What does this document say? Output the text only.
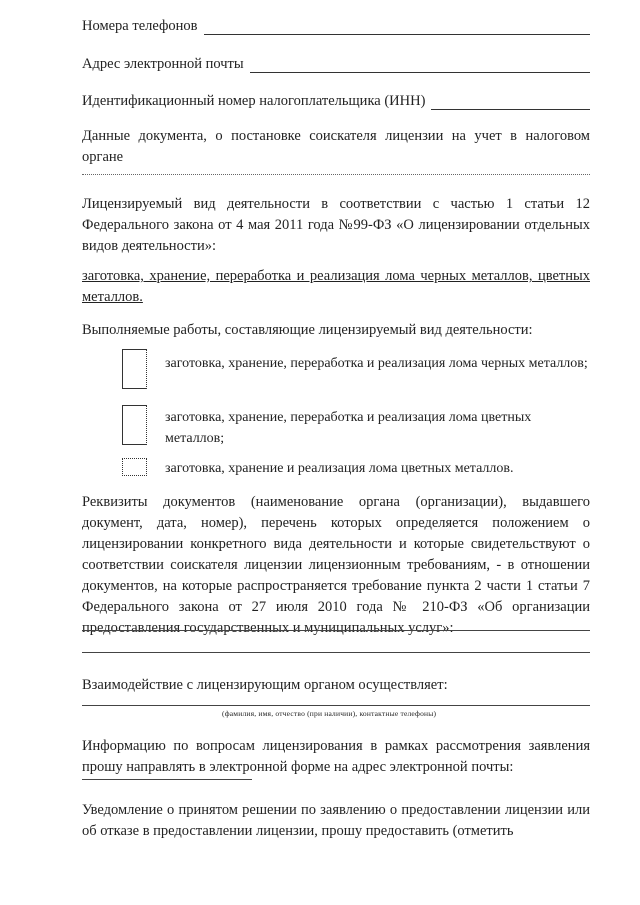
Номера телефонов
Адрес электронной почты
Идентификационный номер налогоплательщика (ИНН)
Данные документа, о постановке соискателя лицензии на учет в налоговом органе
Лицензируемый вид деятельности в соответствии с частью 1 статьи 12 Федерального закона от 4 мая 2011 года №99-ФЗ «О лицензировании отдельных видов деятельности»:
заготовка, хранение, переработка и реализация лома черных металлов, цветных металлов.
Выполняемые работы, составляющие лицензируемый вид деятельности:
заготовка, хранение, переработка и реализация лома черных металлов;
заготовка, хранение, переработка и реализация лома цветных металлов;
заготовка, хранение и реализация лома цветных металлов.
Реквизиты документов (наименование органа (организации), выдавшего документ, дата, номер), перечень которых определяется положением о лицензировании конкретного вида деятельности и которые свидетельствуют о соответствии соискателя лицензии лицензионным требованиям, - в отношении документов, на которые распространяется требование пункта 2 части 1 статьи 7 Федерального закона от 27 июля 2010 года № 210-ФЗ «Об организации предоставления государственных и муниципальных услуг»:
Взаимодействие с лицензирующим органом осуществляет:
(фамилия, имя, отчество (при наличии), контактные телефоны)
Информацию по вопросам лицензирования в рамках рассмотрения заявления прошу направлять в электронной форме на адрес электронной почты:
Уведомление о принятом решении по заявлению о предоставлении лицензии или об отказе в предоставлении лицензии, прошу предоставить (отметить
